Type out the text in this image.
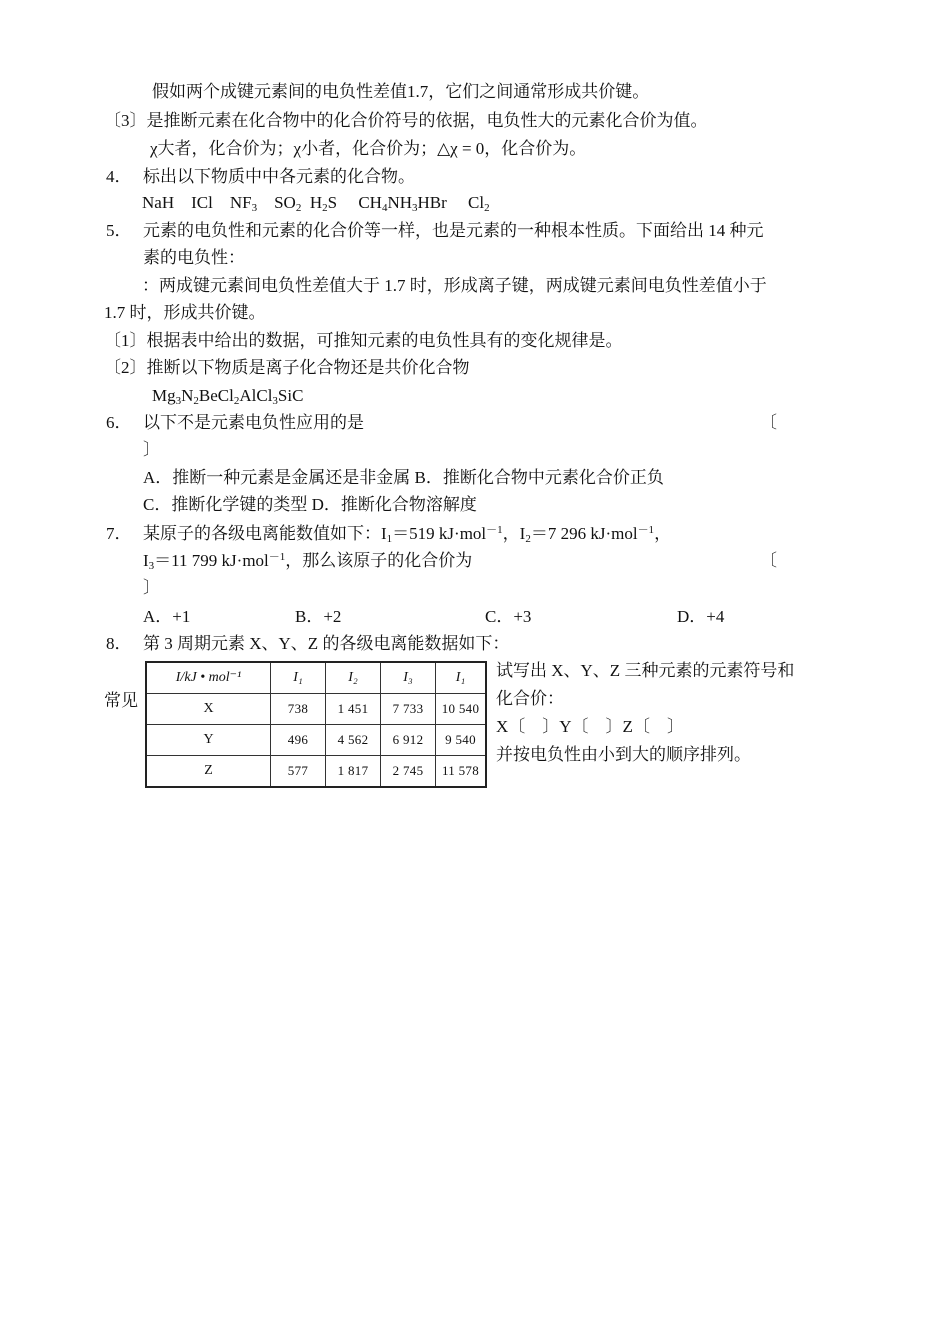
假如两个成键元素间的电负性差值1.7，它们之间通常形成共价键。
〔3〕是推断元素在化合物中的化合价符号的依据，电负性大的元素化合价为值。
χ大者，化合价为；χ小者，化合价为；△χ = 0，化合价为。
4． 标出以下物质中中各元素的化合物。
NaH ICl $NF_3$ $SO_2$ $H_2S$ $CH_4NH_3HBr$ $Cl_2$
5． 元素的电负性和元素的化合价等一样，也是元素的一种根本性质。下面给出 14 种元
素的电负性：
：两成键元素间电负性差值大于 1.7 时，形成离子键，两成键元素间电负性差值小于
1.7 时，形成共价键。
〔1〕根据表中给出的数据，可推知元素的电负性具有的变化规律是。
〔2〕推断以下物质是离子化合物还是共价化合物
$Mg_3N_2BeCl_2AlCl_3SiC$
6． 以下不是元素电负性应用的是	〔
〕
A．推断一种元素是金属还是非金属 B．推断化合物中元素化合价正负
C．推断化学键的类型 D．推断化合物溶解度
7． 某原子的各级电离能数值如下：$I_1=519$ kJ·mol$^{-1}$，$I_2=7$ 296 kJ·mol$^{-1}$，
$I_3=11$ 799 kJ·mol$^{-1}$，那么该原子的化合价为	〔
〕
A．+1	B．+2	C．+3	D．+4
8． 第 3 周期元素 X、Y、Z 的各级电离能数据如下：
常见
I/kJ • mol⁻¹	I₁	I₂	I₃	I₁
X	738	1 451	7 733	10 540
Y	496	4 562	6 912	9 540
Z	577	1 817	2 745	11 578
试写出 X、Y、Z 三种元素的元素符号和
化合价：
X〔　〕Y〔　〕Z〔　〕
并按电负性由小到大的顺序排列。
